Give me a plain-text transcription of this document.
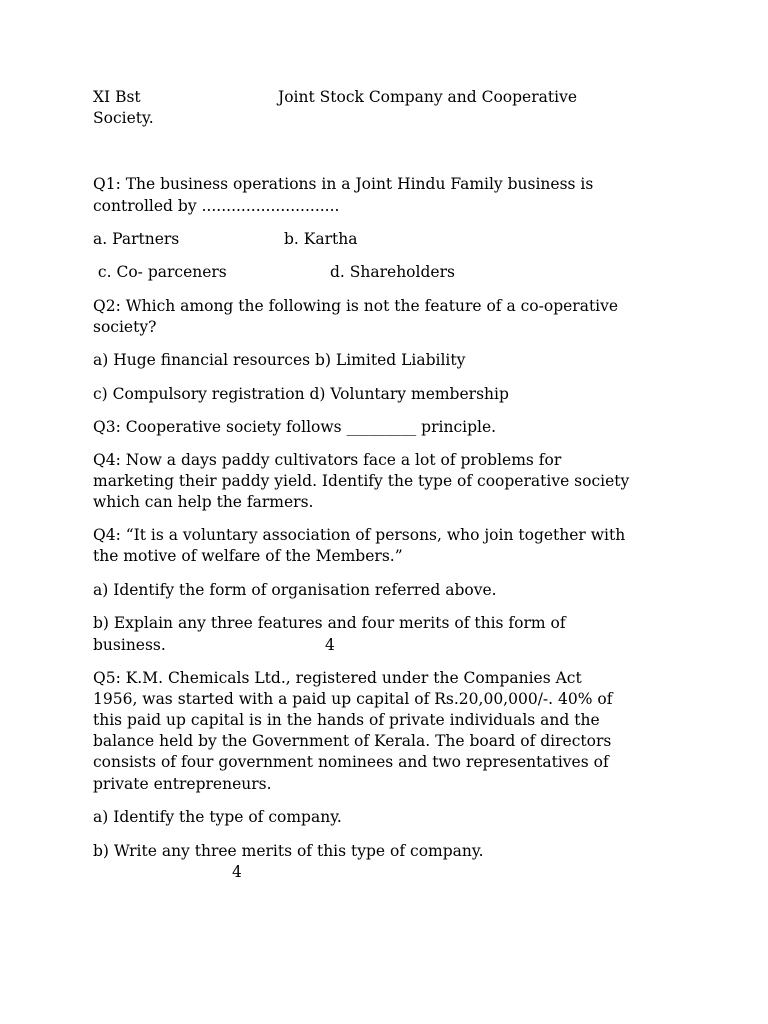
XI Bst	Joint Stock Company and Cooperative
Society.
Q1: The business operations in a Joint Hindu Family business is
controlled by ............................
a. Partners	b. Kartha
c. Co- parceners	d. Shareholders
Q2: Which among the following is not the feature of a co-operative
society?
a) Huge financial resources b) Limited Liability
c) Compulsory registration d) Voluntary membership
Q3: Cooperative society follows _________ principle.
Q4: Now a days paddy cultivators face a lot of problems for
marketing their paddy yield. Identify the type of cooperative society
which can help the farmers.
Q4: “It is a voluntary association of persons, who join together with
the motive of welfare of the Members.”
a) Identify the form of organisation referred above.
b) Explain any three features and four merits of this form of
business.	4
Q5: K.M. Chemicals Ltd., registered under the Companies Act
1956, was started with a paid up capital of Rs.20,00,000/-. 40% of
this paid up capital is in the hands of private individuals and the
balance held by the Government of Kerala. The board of directors
consists of four government nominees and two representatives of
private entrepreneurs.
a) Identify the type of company.
b) Write any three merits of this type of company.
4
